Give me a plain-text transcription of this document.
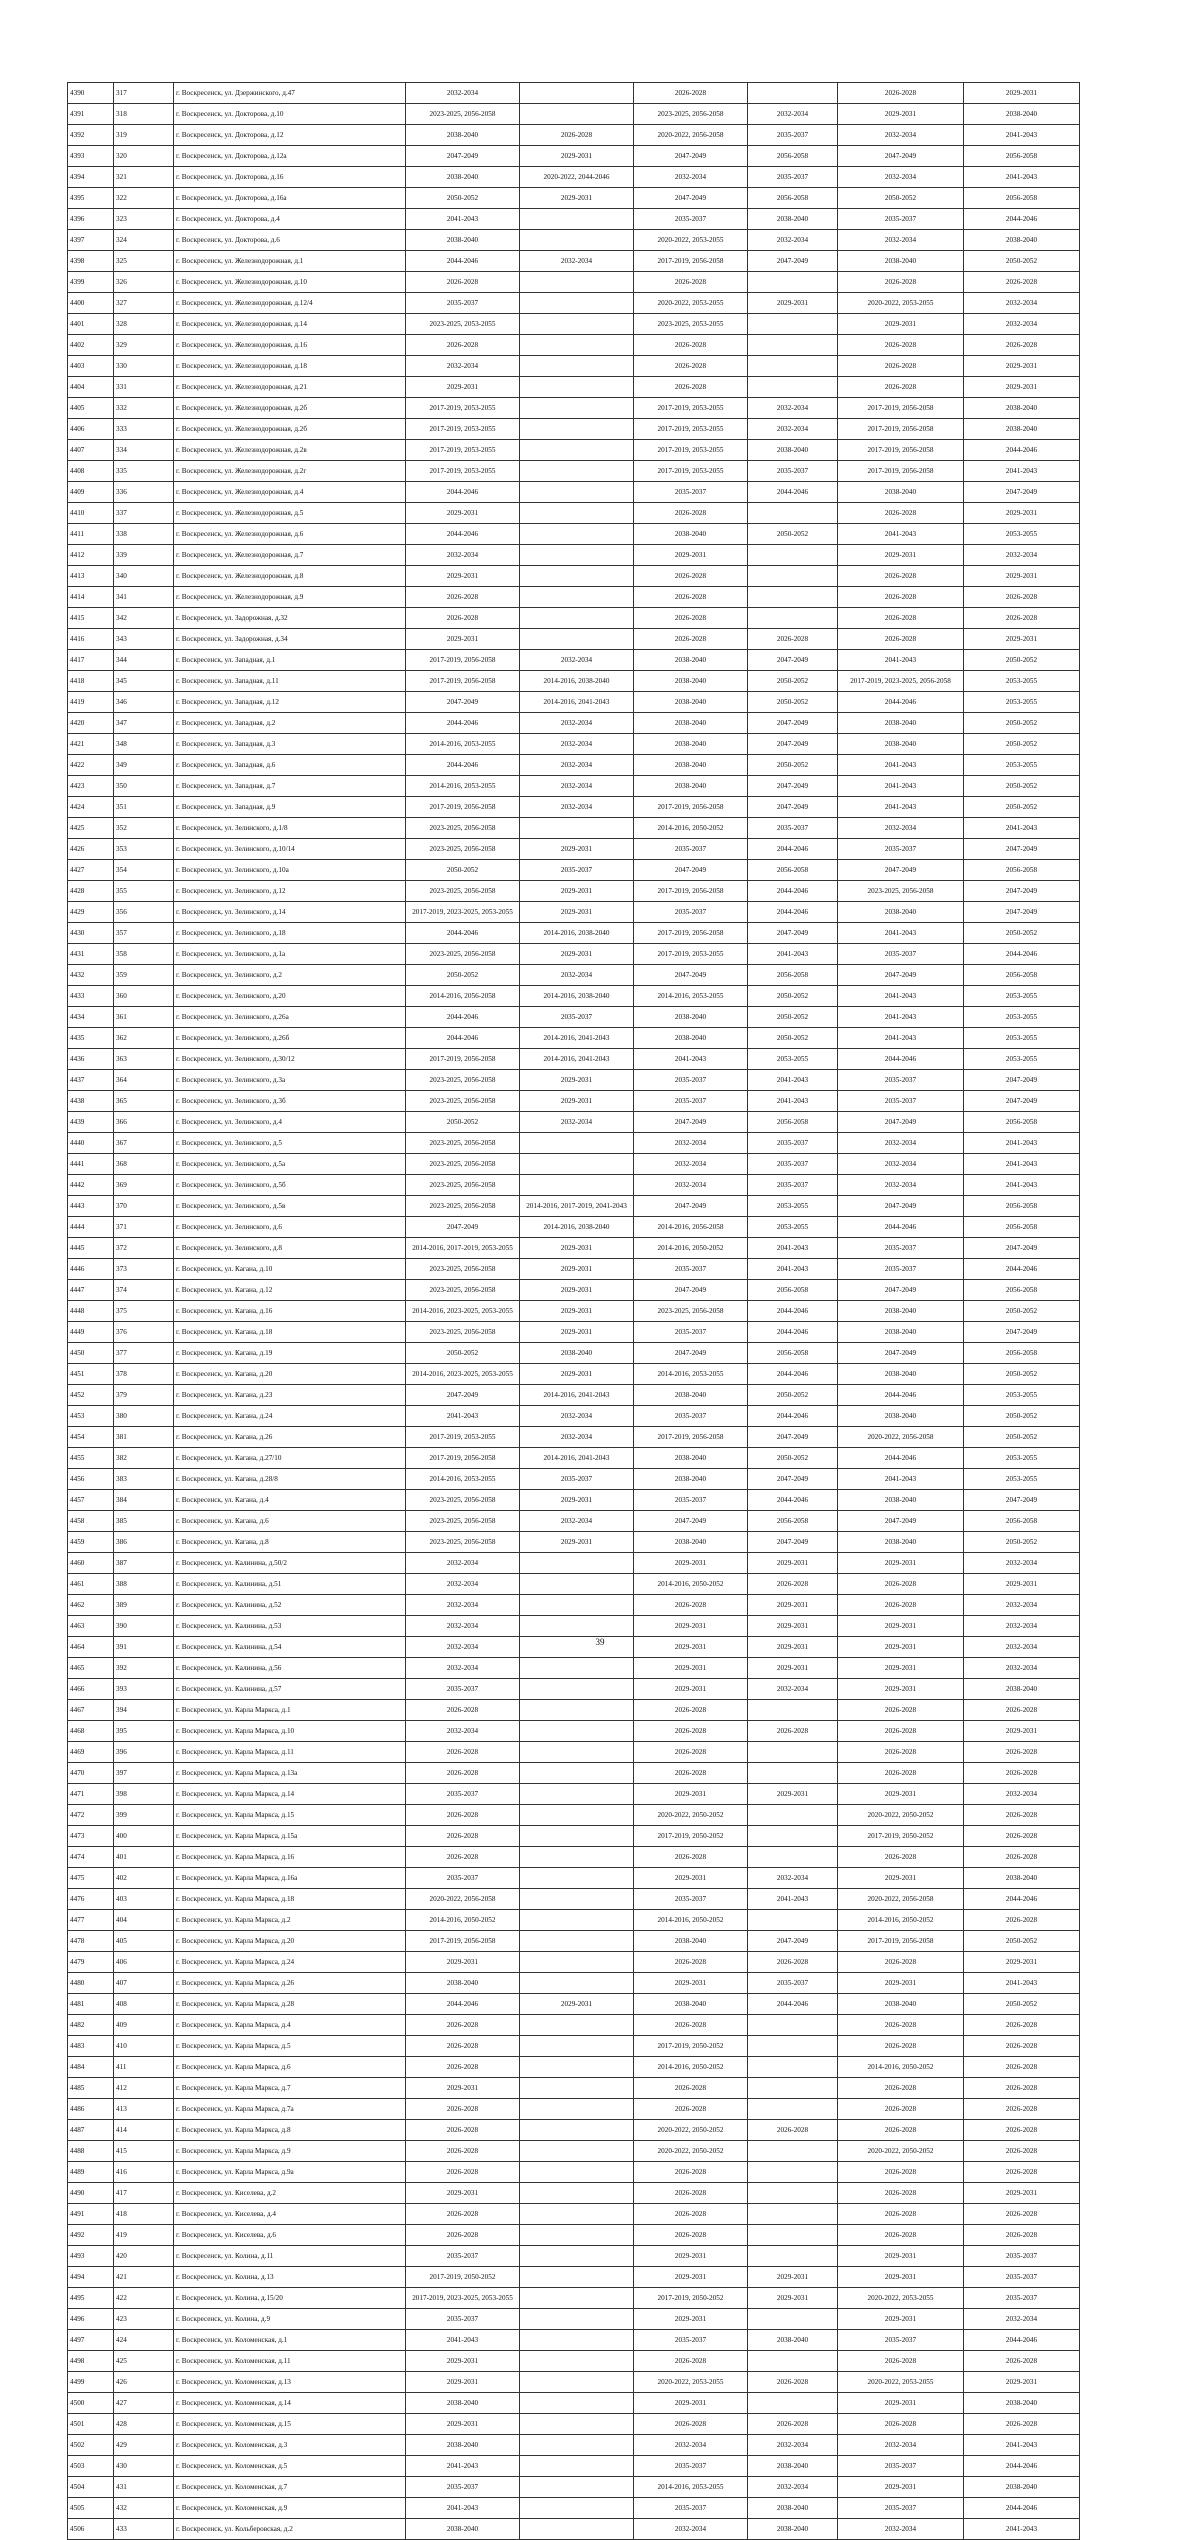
4390	317	г. Воскресенск, ул. Дзержинского, д.47	2032-2034		2026-2028		2026-2028	2029-2031
4391	318	г. Воскресенск, ул. Докторова, д.10	2023-2025, 2056-2058		2023-2025, 2056-2058	2032-2034	2029-2031	2038-2040
4392	319	г. Воскресенск, ул. Докторова, д.12	2038-2040	2026-2028	2020-2022, 2056-2058	2035-2037	2032-2034	2041-2043
4393	320	г. Воскресенск, ул. Докторова, д.12а	2047-2049	2029-2031	2047-2049	2056-2058	2047-2049	2056-2058
4394	321	г. Воскресенск, ул. Докторова, д.16	2038-2040	2020-2022, 2044-2046	2032-2034	2035-2037	2032-2034	2041-2043
4395	322	г. Воскресенск, ул. Докторова, д.16а	2050-2052	2029-2031	2047-2049	2056-2058	2050-2052	2056-2058
4396	323	г. Воскресенск, ул. Докторова, д.4	2041-2043		2035-2037	2038-2040	2035-2037	2044-2046
4397	324	г. Воскресенск, ул. Докторова, д.6	2038-2040		2020-2022, 2053-2055	2032-2034	2032-2034	2038-2040
4398	325	г. Воскресенск, ул. Железнодорожная, д.1	2044-2046	2032-2034	2017-2019, 2056-2058	2047-2049	2038-2040	2050-2052
4399	326	г. Воскресенск, ул. Железнодорожная, д.10	2026-2028		2026-2028		2026-2028	2026-2028
4400	327	г. Воскресенск, ул. Железнодорожная, д.12/4	2035-2037		2020-2022, 2053-2055	2029-2031	2020-2022, 2053-2055	2032-2034
4401	328	г. Воскресенск, ул. Железнодорожная, д.14	2023-2025, 2053-2055		2023-2025, 2053-2055		2029-2031	2032-2034
4402	329	г. Воскресенск, ул. Железнодорожная, д.16	2026-2028		2026-2028		2026-2028	2026-2028
4403	330	г. Воскресенск, ул. Железнодорожная, д.18	2032-2034		2026-2028		2026-2028	2029-2031
4404	331	г. Воскресенск, ул. Железнодорожная, д.21	2029-2031		2026-2028		2026-2028	2029-2031
4405	332	г. Воскресенск, ул. Железнодорожная, д.2б	2017-2019, 2053-2055		2017-2019, 2053-2055	2032-2034	2017-2019, 2056-2058	2038-2040
4406	333	г. Воскресенск, ул. Железнодорожная, д.2б	2017-2019, 2053-2055		2017-2019, 2053-2055	2032-2034	2017-2019, 2056-2058	2038-2040
4407	334	г. Воскресенск, ул. Железнодорожная, д.2в	2017-2019, 2053-2055		2017-2019, 2053-2055	2038-2040	2017-2019, 2056-2058	2044-2046
4408	335	г. Воскресенск, ул. Железнодорожная, д.2г	2017-2019, 2053-2055		2017-2019, 2053-2055	2035-2037	2017-2019, 2056-2058	2041-2043
4409	336	г. Воскресенск, ул. Железнодорожная, д.4	2044-2046		2035-2037	2044-2046	2038-2040	2047-2049
4410	337	г. Воскресенск, ул. Железнодорожная, д.5	2029-2031		2026-2028		2026-2028	2029-2031
4411	338	г. Воскресенск, ул. Железнодорожная, д.6	2044-2046		2038-2040	2050-2052	2041-2043	2053-2055
4412	339	г. Воскресенск, ул. Железнодорожная, д.7	2032-2034		2029-2031		2029-2031	2032-2034
4413	340	г. Воскресенск, ул. Железнодорожная, д.8	2029-2031		2026-2028		2026-2028	2029-2031
4414	341	г. Воскресенск, ул. Железнодорожная, д.9	2026-2028		2026-2028		2026-2028	2026-2028
4415	342	г. Воскресенск, ул. Задорожная, д.32	2026-2028		2026-2028		2026-2028	2026-2028
4416	343	г. Воскресенск, ул. Задорожная, д.34	2029-2031		2026-2028	2026-2028	2026-2028	2029-2031
4417	344	г. Воскресенск, ул. Западная, д.1	2017-2019, 2056-2058	2032-2034	2038-2040	2047-2049	2041-2043	2050-2052
4418	345	г. Воскресенск, ул. Западная, д.11	2017-2019, 2056-2058	2014-2016, 2038-2040	2038-2040	2050-2052	2017-2019, 2023-2025, 2056-2058	2053-2055
4419	346	г. Воскресенск, ул. Западная, д.12	2047-2049	2014-2016, 2041-2043	2038-2040	2050-2052	2044-2046	2053-2055
4420	347	г. Воскресенск, ул. Западная, д.2	2044-2046	2032-2034	2038-2040	2047-2049	2038-2040	2050-2052
4421	348	г. Воскресенск, ул. Западная, д.3	2014-2016, 2053-2055	2032-2034	2038-2040	2047-2049	2038-2040	2050-2052
4422	349	г. Воскресенск, ул. Западная, д.6	2044-2046	2032-2034	2038-2040	2050-2052	2041-2043	2053-2055
4423	350	г. Воскресенск, ул. Западная, д.7	2014-2016, 2053-2055	2032-2034	2038-2040	2047-2049	2041-2043	2050-2052
4424	351	г. Воскресенск, ул. Западная, д.9	2017-2019, 2056-2058	2032-2034	2017-2019, 2056-2058	2047-2049	2041-2043	2050-2052
4425	352	г. Воскресенск, ул. Зелинского, д.1/8	2023-2025, 2056-2058		2014-2016, 2050-2052	2035-2037	2032-2034	2041-2043
4426	353	г. Воскресенск, ул. Зелинского, д.10/14	2023-2025, 2056-2058	2029-2031	2035-2037	2044-2046	2035-2037	2047-2049
4427	354	г. Воскресенск, ул. Зелинского, д.10а	2050-2052	2035-2037	2047-2049	2056-2058	2047-2049	2056-2058
4428	355	г. Воскресенск, ул. Зелинского, д.12	2023-2025, 2056-2058	2029-2031	2017-2019, 2056-2058	2044-2046	2023-2025, 2056-2058	2047-2049
4429	356	г. Воскресенск, ул. Зелинского, д.14	2017-2019, 2023-2025, 2053-2055	2029-2031	2035-2037	2044-2046	2038-2040	2047-2049
4430	357	г. Воскресенск, ул. Зелинского, д.18	2044-2046	2014-2016, 2038-2040	2017-2019, 2056-2058	2047-2049	2041-2043	2050-2052
4431	358	г. Воскресенск, ул. Зелинского, д.1а	2023-2025, 2056-2058	2029-2031	2017-2019, 2053-2055	2041-2043	2035-2037	2044-2046
4432	359	г. Воскресенск, ул. Зелинского, д.2	2050-2052	2032-2034	2047-2049	2056-2058	2047-2049	2056-2058
4433	360	г. Воскресенск, ул. Зелинского, д.20	2014-2016, 2056-2058	2014-2016, 2038-2040	2014-2016, 2053-2055	2050-2052	2041-2043	2053-2055
4434	361	г. Воскресенск, ул. Зелинского, д.26а	2044-2046	2035-2037	2038-2040	2050-2052	2041-2043	2053-2055
4435	362	г. Воскресенск, ул. Зелинского, д.26б	2044-2046	2014-2016, 2041-2043	2038-2040	2050-2052	2041-2043	2053-2055
4436	363	г. Воскресенск, ул. Зелинского, д.30/12	2017-2019, 2056-2058	2014-2016, 2041-2043	2041-2043	2053-2055	2044-2046	2053-2055
4437	364	г. Воскресенск, ул. Зелинского, д.3а	2023-2025, 2056-2058	2029-2031	2035-2037	2041-2043	2035-2037	2047-2049
4438	365	г. Воскресенск, ул. Зелинского, д.3б	2023-2025, 2056-2058	2029-2031	2035-2037	2041-2043	2035-2037	2047-2049
4439	366	г. Воскресенск, ул. Зелинского, д.4	2050-2052	2032-2034	2047-2049	2056-2058	2047-2049	2056-2058
4440	367	г. Воскресенск, ул. Зелинского, д.5	2023-2025, 2056-2058		2032-2034	2035-2037	2032-2034	2041-2043
4441	368	г. Воскресенск, ул. Зелинского, д.5а	2023-2025, 2056-2058		2032-2034	2035-2037	2032-2034	2041-2043
4442	369	г. Воскресенск, ул. Зелинского, д.5б	2023-2025, 2056-2058		2032-2034	2035-2037	2032-2034	2041-2043
4443	370	г. Воскресенск, ул. Зелинского, д.5в	2023-2025, 2056-2058	2014-2016, 2017-2019, 2041-2043	2047-2049	2053-2055	2047-2049	2056-2058
4444	371	г. Воскресенск, ул. Зелинского, д.6	2047-2049	2014-2016, 2038-2040	2014-2016, 2056-2058	2053-2055	2044-2046	2056-2058
4445	372	г. Воскресенск, ул. Зелинского, д.8	2014-2016, 2017-2019, 2053-2055	2029-2031	2014-2016, 2050-2052	2041-2043	2035-2037	2047-2049
4446	373	г. Воскресенск, ул. Кагана, д.10	2023-2025, 2056-2058	2029-2031	2035-2037	2041-2043	2035-2037	2044-2046
4447	374	г. Воскресенск, ул. Кагана, д.12	2023-2025, 2056-2058	2029-2031	2047-2049	2056-2058	2047-2049	2056-2058
4448	375	г. Воскресенск, ул. Кагана, д.16	2014-2016, 2023-2025, 2053-2055	2029-2031	2023-2025, 2056-2058	2044-2046	2038-2040	2050-2052
4449	376	г. Воскресенск, ул. Кагана, д.18	2023-2025, 2056-2058	2029-2031	2035-2037	2044-2046	2038-2040	2047-2049
4450	377	г. Воскресенск, ул. Кагана, д.19	2050-2052	2038-2040	2047-2049	2056-2058	2047-2049	2056-2058
4451	378	г. Воскресенск, ул. Кагана, д.20	2014-2016, 2023-2025, 2053-2055	2029-2031	2014-2016, 2053-2055	2044-2046	2038-2040	2050-2052
4452	379	г. Воскресенск, ул. Кагана, д.23	2047-2049	2014-2016, 2041-2043	2038-2040	2050-2052	2044-2046	2053-2055
4453	380	г. Воскресенск, ул. Кагана, д.24	2041-2043	2032-2034	2035-2037	2044-2046	2038-2040	2050-2052
4454	381	г. Воскресенск, ул. Кагана, д.26	2017-2019, 2053-2055	2032-2034	2017-2019, 2056-2058	2047-2049	2020-2022, 2056-2058	2050-2052
4455	382	г. Воскресенск, ул. Кагана, д.27/10	2017-2019, 2056-2058	2014-2016, 2041-2043	2038-2040	2050-2052	2044-2046	2053-2055
4456	383	г. Воскресенск, ул. Кагана, д.28/8	2014-2016, 2053-2055	2035-2037	2038-2040	2047-2049	2041-2043	2053-2055
4457	384	г. Воскресенск, ул. Кагана, д.4	2023-2025, 2056-2058	2029-2031	2035-2037	2044-2046	2038-2040	2047-2049
4458	385	г. Воскресенск, ул. Кагана, д.6	2023-2025, 2056-2058	2032-2034	2047-2049	2056-2058	2047-2049	2056-2058
4459	386	г. Воскресенск, ул. Кагана, д.8	2023-2025, 2056-2058	2029-2031	2038-2040	2047-2049	2038-2040	2050-2052
4460	387	г. Воскресенск, ул. Калинина, д.50/2	2032-2034		2029-2031	2029-2031	2029-2031	2032-2034
4461	388	г. Воскресенск, ул. Калинина, д.51	2032-2034		2014-2016, 2050-2052	2026-2028	2026-2028	2029-2031
4462	389	г. Воскресенск, ул. Калинина, д.52	2032-2034		2026-2028	2029-2031	2026-2028	2032-2034
4463	390	г. Воскресенск, ул. Калинина, д.53	2032-2034		2029-2031	2029-2031	2029-2031	2032-2034
4464	391	г. Воскресенск, ул. Калинина, д.54	2032-2034		2029-2031	2029-2031	2029-2031	2032-2034
4465	392	г. Воскресенск, ул. Калинина, д.56	2032-2034		2029-2031	2029-2031	2029-2031	2032-2034
4466	393	г. Воскресенск, ул. Калинина, д.57	2035-2037		2029-2031	2032-2034	2029-2031	2038-2040
4467	394	г. Воскресенск, ул. Карла Маркса, д.1	2026-2028		2026-2028		2026-2028	2026-2028
4468	395	г. Воскресенск, ул. Карла Маркса, д.10	2032-2034		2026-2028	2026-2028	2026-2028	2029-2031
4469	396	г. Воскресенск, ул. Карла Маркса, д.11	2026-2028		2026-2028		2026-2028	2026-2028
4470	397	г. Воскресенск, ул. Карла Маркса, д.13а	2026-2028		2026-2028		2026-2028	2026-2028
4471	398	г. Воскресенск, ул. Карла Маркса, д.14	2035-2037		2029-2031	2029-2031	2029-2031	2032-2034
4472	399	г. Воскресенск, ул. Карла Маркса, д.15	2026-2028		2020-2022, 2050-2052		2020-2022, 2050-2052	2026-2028
4473	400	г. Воскресенск, ул. Карла Маркса, д.15а	2026-2028		2017-2019, 2050-2052		2017-2019, 2050-2052	2026-2028
4474	401	г. Воскресенск, ул. Карла Маркса, д.16	2026-2028		2026-2028		2026-2028	2026-2028
4475	402	г. Воскресенск, ул. Карла Маркса, д.16а	2035-2037		2029-2031	2032-2034	2029-2031	2038-2040
4476	403	г. Воскресенск, ул. Карла Маркса, д.18	2020-2022, 2056-2058		2035-2037	2041-2043	2020-2022, 2056-2058	2044-2046
4477	404	г. Воскресенск, ул. Карла Маркса, д.2	2014-2016, 2050-2052		2014-2016, 2050-2052		2014-2016, 2050-2052	2026-2028
4478	405	г. Воскресенск, ул. Карла Маркса, д.20	2017-2019, 2056-2058		2038-2040	2047-2049	2017-2019, 2056-2058	2050-2052
4479	406	г. Воскресенск, ул. Карла Маркса, д.24	2029-2031		2026-2028	2026-2028	2026-2028	2029-2031
4480	407	г. Воскресенск, ул. Карла Маркса, д.26	2038-2040		2029-2031	2035-2037	2029-2031	2041-2043
4481	408	г. Воскресенск, ул. Карла Маркса, д.28	2044-2046	2029-2031	2038-2040	2044-2046	2038-2040	2050-2052
4482	409	г. Воскресенск, ул. Карла Маркса, д.4	2026-2028		2026-2028		2026-2028	2026-2028
4483	410	г. Воскресенск, ул. Карла Маркса, д.5	2026-2028		2017-2019, 2050-2052		2026-2028	2026-2028
4484	411	г. Воскресенск, ул. Карла Маркса, д.6	2026-2028		2014-2016, 2050-2052		2014-2016, 2050-2052	2026-2028
4485	412	г. Воскресенск, ул. Карла Маркса, д.7	2029-2031		2026-2028		2026-2028	2026-2028
4486	413	г. Воскресенск, ул. Карла Маркса, д.7а	2026-2028		2026-2028		2026-2028	2026-2028
4487	414	г. Воскресенск, ул. Карла Маркса, д.8	2026-2028		2020-2022, 2050-2052	2026-2028	2026-2028	2026-2028
4488	415	г. Воскресенск, ул. Карла Маркса, д.9	2026-2028		2020-2022, 2050-2052		2020-2022, 2050-2052	2026-2028
4489	416	г. Воскресенск, ул. Карла Маркса, д.9а	2026-2028		2026-2028		2026-2028	2026-2028
4490	417	г. Воскресенск, ул. Киселева, д.2	2029-2031		2026-2028		2026-2028	2029-2031
4491	418	г. Воскресенск, ул. Киселева, д.4	2026-2028		2026-2028		2026-2028	2026-2028
4492	419	г. Воскресенск, ул. Киселева, д.6	2026-2028		2026-2028		2026-2028	2026-2028
4493	420	г. Воскресенск, ул. Колина, д.11	2035-2037		2029-2031		2029-2031	2035-2037
4494	421	г. Воскресенск, ул. Колина, д.13	2017-2019, 2050-2052		2029-2031	2029-2031	2029-2031	2035-2037
4495	422	г. Воскресенск, ул. Колина, д.15/20	2017-2019, 2023-2025, 2053-2055		2017-2019, 2050-2052	2029-2031	2020-2022, 2053-2055	2035-2037
4496	423	г. Воскресенск, ул. Колина, д.9	2035-2037		2029-2031		2029-2031	2032-2034
4497	424	г. Воскресенск, ул. Коломенская, д.1	2041-2043		2035-2037	2038-2040	2035-2037	2044-2046
4498	425	г. Воскресенск, ул. Коломенская, д.11	2029-2031		2026-2028		2026-2028	2026-2028
4499	426	г. Воскресенск, ул. Коломенская, д.13	2029-2031		2020-2022, 2053-2055	2026-2028	2020-2022, 2053-2055	2029-2031
4500	427	г. Воскресенск, ул. Коломенская, д.14	2038-2040		2029-2031		2029-2031	2038-2040
4501	428	г. Воскресенск, ул. Коломенская, д.15	2029-2031		2026-2028	2026-2028	2026-2028	2026-2028
4502	429	г. Воскресенск, ул. Коломенская, д.3	2038-2040		2032-2034	2032-2034	2032-2034	2041-2043
4503	430	г. Воскресенск, ул. Коломенская, д.5	2041-2043		2035-2037	2038-2040	2035-2037	2044-2046
4504	431	г. Воскресенск, ул. Коломенская, д.7	2035-2037		2014-2016, 2053-2055	2032-2034	2029-2031	2038-2040
4505	432	г. Воскресенск, ул. Коломенская, д.9	2041-2043		2035-2037	2038-2040	2035-2037	2044-2046
4506	433	г. Воскресенск, ул. Кольберовская, д.2	2038-2040		2032-2034	2038-2040	2032-2034	2041-2043
39
